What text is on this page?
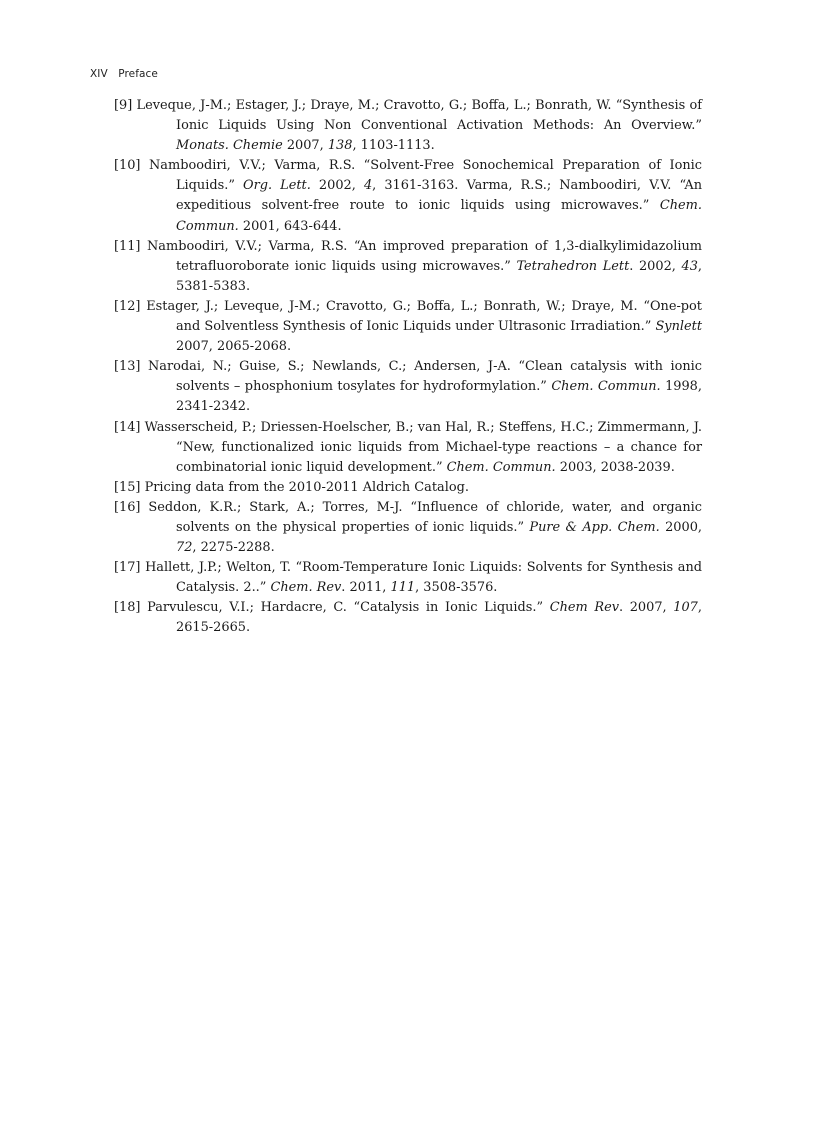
XIV Preface
[9] Leveque, J-M.; Estager, J.; Draye, M.; Cravotto, G.; Boffa, L.; Bonrath, W. “Synthesis of Ionic Liquids Using Non Conventional Activation Methods: An Overview.” Monats. Chemie 2007, 138, 1103-1113.
[10] Namboodiri, V.V.; Varma, R.S. “Solvent-Free Sonochemical Preparation of Ionic Liquids.” Org. Lett. 2002, 4, 3161-3163. Varma, R.S.; Namboodiri, V.V. “An expeditious solvent-free route to ionic liquids using microwaves.” Chem. Commun. 2001, 643-644.
[11] Namboodiri, V.V.; Varma, R.S. “An improved preparation of 1,3-dialkylimidazolium tetrafluoroborate ionic liquids using microwaves.” Tetrahedron Lett. 2002, 43, 5381-5383.
[12] Estager, J.; Leveque, J-M.; Cravotto, G.; Boffa, L.; Bonrath, W.; Draye, M. “One-pot and Solventless Synthesis of Ionic Liquids under Ultrasonic Irradiation.” Synlett 2007, 2065-2068.
[13] Narodai, N.; Guise, S.; Newlands, C.; Andersen, J-A. “Clean catalysis with ionic solvents – phosphonium tosylates for hydroformylation.” Chem. Commun. 1998, 2341-2342.
[14] Wasserscheid, P.; Driessen-Hoelscher, B.; van Hal, R.; Steffens, H.C.; Zimmermann, J. “New, functionalized ionic liquids from Michael-type reactions – a chance for combinatorial ionic liquid development.” Chem. Commun. 2003, 2038-2039.
[15] Pricing data from the 2010-2011 Aldrich Catalog.
[16] Seddon, K.R.; Stark, A.; Torres, M-J. “Influence of chloride, water, and organic solvents on the physical properties of ionic liquids.” Pure & App. Chem. 2000, 72, 2275-2288.
[17] Hallett, J.P.; Welton, T. “Room-Temperature Ionic Liquids: Solvents for Synthesis and Catalysis. 2..” Chem. Rev. 2011, 111, 3508-3576.
[18] Parvulescu, V.I.; Hardacre, C. “Catalysis in Ionic Liquids.” Chem Rev. 2007, 107, 2615-2665.
